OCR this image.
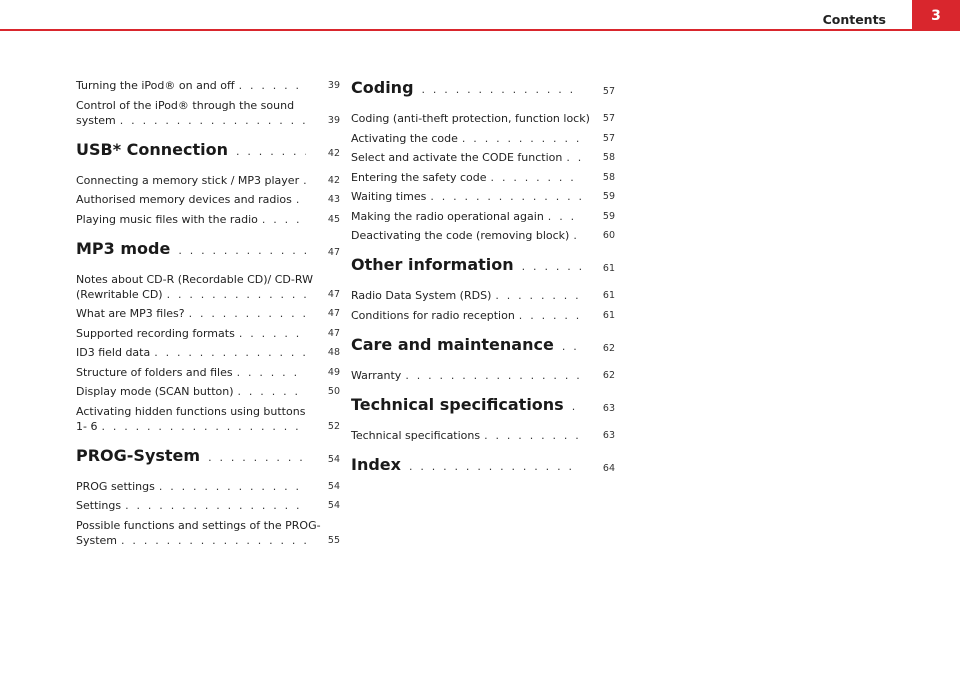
Contents	3
Turning the iPod® on and off . . .	39
Control of the iPod® through the sound
system . . .	39
USB* Connection . . .	42
Connecting a memory stick / MP3 player . . .	42
Authorised memory devices and radios . . .	43
Playing music files with the radio . . .	45
MP3 mode . . .	47
Notes about CD-R (Recordable CD)/ CD-RW
(Rewritable CD) . . .	47
What are MP3 files? . . .	47
Supported recording formats . . .	47
ID3 field data . . .	48
Structure of folders and files . . .	49
Display mode (SCAN button) . . .	50
Activating hidden functions using buttons
1- 6 . . .	52
PROG-System . . .	54
PROG settings . . .	54
Settings . . .	54
Possible functions and settings of the PROG-
System . . .	55
Coding . . .	57
Coding (anti-theft protection, function lock) 57
Activating the code . . .	57
Select and activate the CODE function . . .	58
Entering the safety code . . .	58
Waiting times . . .	59
Making the radio operational again . . .	59
Deactivating the code (removing block) . . .	60
Other information . . .	61
Radio Data System (RDS) . . .	61
Conditions for radio reception . . .	61
Care and maintenance . . .	62
Warranty . . .	62
Technical specifications . . .	63
Technical specifications . . .	63
Index . . .	64
